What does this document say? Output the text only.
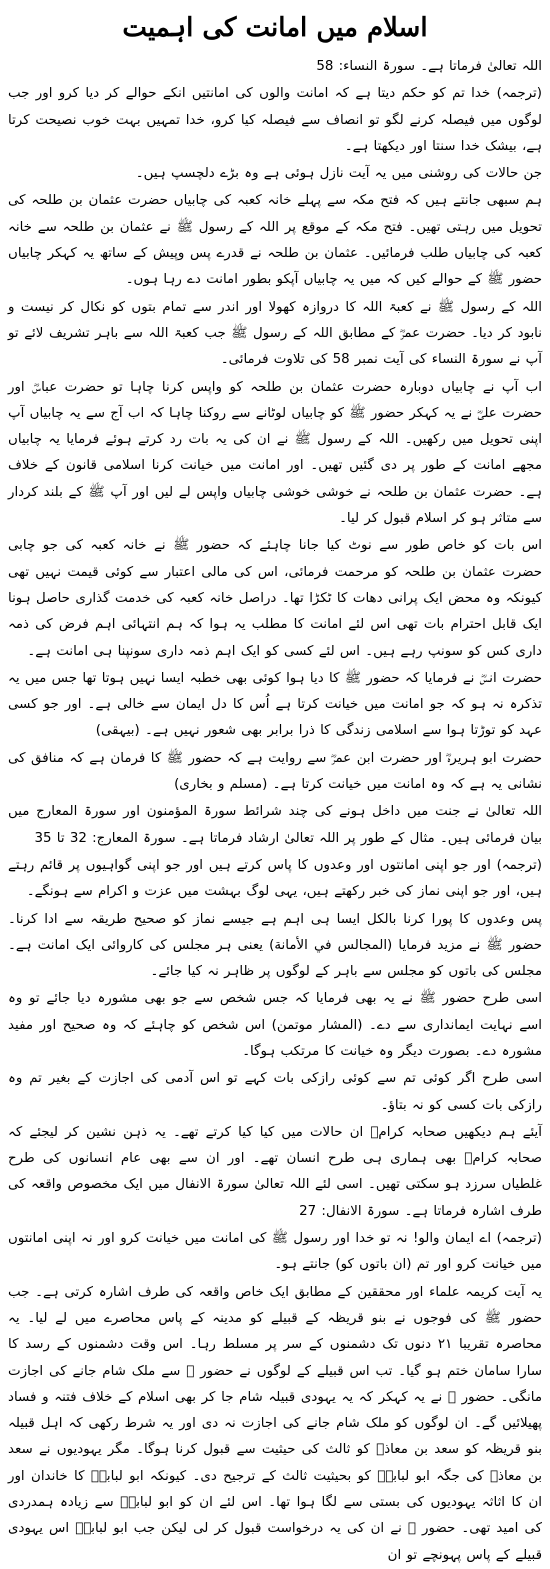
اسلام میں امانت کی اہمیت

اللہ تعالیٰ فرماتا ہے۔ سورۃ النساء: 58

(ترجمہ) خدا تم کو حکم دیتا ہے کہ امانت والوں کی امانتیں انکے حوالے کر دیا کرو اور جب لوگوں میں فیصلہ کرنے لگو تو انصاف سے فیصلہ کیا کرو، خدا تمہیں بہت خوب نصیحت کرتا ہے، بیشک خدا سنتا اور دیکھتا ہے۔

جن حالات کی روشنی میں یہ آیت نازل ہوئی ہے وہ بڑے دلچسپ ہیں۔

ہم سبھی جانتے ہیں کہ فتح مکہ سے پہلے خانہ کعبہ کی چابیاں حضرت عثمان بن طلحہ کی تحویل میں رہتی تھیں۔ فتح مکہ کے موقع پر اللہ کے رسول ﷺ نے عثمان بن طلحہ سے خانہ کعبہ کی چابیاں طلب فرمائیں۔ عثمان بن طلحہ نے قدرے پس وپیش کے ساتھ یہ کہکر چابیاں حضور ﷺ کے حوالے کیں کہ میں یہ چابیاں آپکو بطور امانت دے رہا ہوں۔

اللہ کے رسول ﷺ نے کعبۃ اللہ کا دروازہ کھولا اور اندر سے تمام بتوں کو نکال کر نیست و نابود کر دیا۔ حضرت عمرؓ کے مطابق اللہ کے رسول ﷺ جب کعبۃ اللہ سے باہر تشریف لائے تو آپ نے سورۃ النساء کی آیت نمبر 58 کی تلاوت فرمائی۔

اب آپ نے چابیاں دوبارہ حضرت عثمان بن طلحہ کو واپس کرنا چاہا تو حضرت عباسؓ اور حضرت علیؓ نے یہ کہکر حضور ﷺ کو چابیاں لوٹانے سے روکنا چاہا کہ اب آج سے یہ چابیاں آپ اپنی تحویل میں رکھیں۔ اللہ کے رسول ﷺ نے ان کی یہ بات رد کرتے ہوئے فرمایا یہ چابیاں مجھے امانت کے طور پر دی گئیں تھیں۔ اور امانت میں خیانت کرنا اسلامی قانون کے خلاف ہے۔ حضرت عثمان بن طلحہ نے خوشی خوشی چابیاں واپس لے لیں اور آپ ﷺ کے بلند کردار سے متاثر ہو کر اسلام قبول کر لیا۔

اس بات کو خاص طور سے نوٹ کیا جانا چاہئے کہ حضور ﷺ نے خانہ کعبہ کی جو چابی حضرت عثمان بن طلحہ کو مرحمت فرمائی، اس کی مالی اعتبار سے کوئی قیمت نہیں تھی کیونکہ وہ محض ایک پرانی دھات کا ٹکڑا تھا۔ دراصل خانہ کعبہ کی خدمت گذاری حاصل ہونا ایک قابل احترام بات تھی اس لئے امانت کا مطلب یہ ہوا کہ ہم انتہائی اہم فرض کی ذمہ داری کس کو سونپ رہے ہیں۔ اس لئے کسی کو ایک اہم ذمہ داری سونپنا ہی امانت ہے۔

حضرت انسؓ نے فرمایا کہ حضور ﷺ کا دیا ہوا کوئی بھی خطبہ ایسا نہیں ہوتا تھا جس میں یہ تذکرہ نہ ہو کہ جو امانت میں خیانت کرتا ہے اُس کا دل ایمان سے خالی ہے۔ اور جو کسی عہد کو توڑتا ہوا سے اسلامی زندگی کا ذرا برابر بھی شعور نہیں ہے۔ (بیہقی)

حضرت ابو ہریرہؓ اور حضرت ابن عمرؓ سے روایت ہے کہ حضور ﷺ کا فرمان ہے کہ منافق کی نشانی یہ ہے کہ وہ امانت میں خیانت کرتا ہے۔ (مسلم و بخاری)

اللہ تعالیٰ نے جنت میں داخل ہونے کی چند شرائط سورۃ المؤمنون اور سورۃ المعارج میں بیان فرمائی ہیں۔ مثال کے طور پر اللہ تعالیٰ ارشاد فرماتا ہے۔ سورۃ المعارج: 32 تا 35

(ترجمہ) اور جو اپنی امانتوں اور وعدوں کا پاس کرتے ہیں اور جو اپنی گواہیوں پر قائم رہتے ہیں، اور جو اپنی نماز کی خبر رکھتے ہیں، یہی لوگ بہشت میں عزت و اکرام سے ہونگے۔

پس وعدوں کا پورا کرنا بالکل ایسا ہی اہم ہے جیسے نماز کو صحیح طریقہ سے ادا کرنا۔ حضور ﷺ نے مزید فرمایا (المجالس في الأمانة) یعنی ہر مجلس کی کاروائی ایک امانت ہے۔ مجلس کی باتوں کو مجلس سے باہر کے لوگوں پر ظاہر نہ کیا جائے۔

اسی طرح حضور ﷺ نے یہ بھی فرمایا کہ جس شخص سے جو بھی مشورہ دیا جائے تو وہ اسے نہایت ایمانداری سے دے۔ (المشار موتمن) اس شخص کو چاہئے کہ وہ صحیح اور مفید مشورہ دے۔ بصورت دیگر وہ خیانت کا مرتکب ہوگا۔

اسی طرح اگر کوئی تم سے کوئی رازکی بات کہے تو اس آدمی کی اجازت کے بغیر تم وہ رازکی بات کسی کو نہ بتاؤ۔

آیئے ہم دیکھیں صحابہ کرامؓ ان حالات میں کیا کیا کرتے تھے۔ یہ ذہن نشین کر لیجئے کہ صحابہ کرامؓ بھی ہماری ہی طرح انسان تھے۔ اور ان سے بھی عام انسانوں کی طرح غلطیاں سرزد ہو سکتی تھیں۔ اسی لئے اللہ تعالیٰ سورۃ الانفال میں ایک مخصوص واقعہ کی طرف اشارہ فرماتا ہے۔ سورۃ الانفال: 27

(ترجمہ) اے ایمان والو! نہ تو خدا اور رسول ﷺ کی امانت میں خیانت کرو اور نہ اپنی امانتوں میں خیانت کرو اور تم (ان باتوں کو) جانتے ہو۔

یہ آیت کریمہ علماء اور محققین کے مطابق ایک خاص واقعہ کی طرف اشارہ کرتی ہے۔ جب حضور ﷺ کی فوجوں نے بنو قریظہ کے قبیلے کو مدینہ کے پاس محاصرے میں لے لیا۔ یہ محاصرہ تقریبا ۲۱ دنوں تک دشمنوں کے سر پر مسلط رہا۔ اس وقت دشمنوں کے رسد کا سارا سامان ختم ہو گیا۔ تب اس قبیلے کے لوگوں نے حضور ﷺ سے ملک شام جانے کی اجازت مانگی۔ حضور ﷺ نے یہ کہکر کہ یہ یہودی قبیلہ شام جا کر بھی اسلام کے خلاف فتنہ و فساد پھیلائیں گے۔ ان لوگوں کو ملک شام جانے کی اجازت نہ دی اور یہ شرط رکھی کہ اہل قبیلہ بنو قریظہ کو سعد بن معاذؓ کو ثالث کی حیثیت سے قبول کرنا ہوگا۔ مگر یہودیوں نے سعد بن معاذؓ کی جگہ ابو لبابہؓ کو بحیثیت ثالث کے ترجیح دی۔ کیونکہ ابو لبابہؓ کا خاندان اور ان کا اثاثہ یہودیوں کی بستی سے لگا ہوا تھا۔ اس لئے ان کو ابو لبابہؓ سے زیادہ ہمدردی کی امید تھی۔ حضور ﷺ نے ان کی یہ درخواست قبول کر لی لیکن جب ابو لبابہؓ اس یہودی قبیلے کے پاس پہونچے تو ان
